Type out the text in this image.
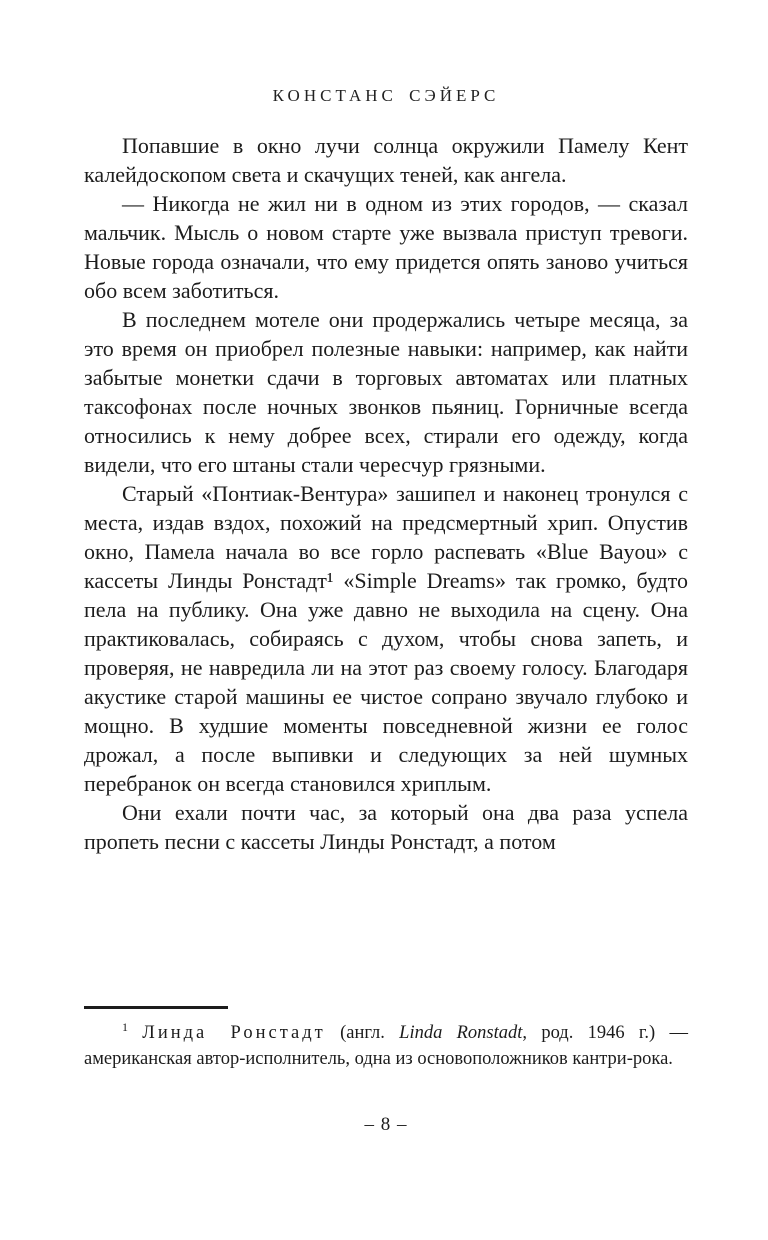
КОНСТАНС СЭЙЕРС

Попавшие в окно лучи солнца окружили Памелу Кент калейдоскопом света и скачущих теней, как ангела.

— Никогда не жил ни в одном из этих городов, — сказал мальчик. Мысль о новом старте уже вызвала приступ тревоги. Новые города означали, что ему придется опять заново учиться обо всем заботиться.

В последнем мотеле они продержались четыре месяца, за это время он приобрел полезные навыки: например, как найти забытые монетки сдачи в торговых автоматах или платных таксофонах после ночных звонков пьяниц. Горничные всегда относились к нему добрее всех, стирали его одежду, когда видели, что его штаны стали чересчур грязными.

Старый «Понтиак-Вентура» зашипел и наконец тронулся с места, издав вздох, похожий на предсмертный хрип. Опустив окно, Памела начала во все горло распевать «Blue Bayou» с кассеты Линды Ронстадт¹ «Simple Dreams» так громко, будто пела на публику. Она уже давно не выходила на сцену. Она практиковалась, собираясь с духом, чтобы снова запеть, и проверяя, не навредила ли на этот раз своему голосу. Благодаря акустике старой машины ее чистое сопрано звучало глубоко и мощно. В худшие моменты повседневной жизни ее голос дрожал, а после выпивки и следующих за ней шумных перебранок он всегда становился хриплым.

Они ехали почти час, за который она два раза успела пропеть песни с кассеты Линды Ронстадт, а потом

$^1$ Линда Ронстадт (англ. Linda Ronstadt, род. 1946 г.) — американская автор-исполнитель, одна из основоположников кантри-рока.

– 8 –
